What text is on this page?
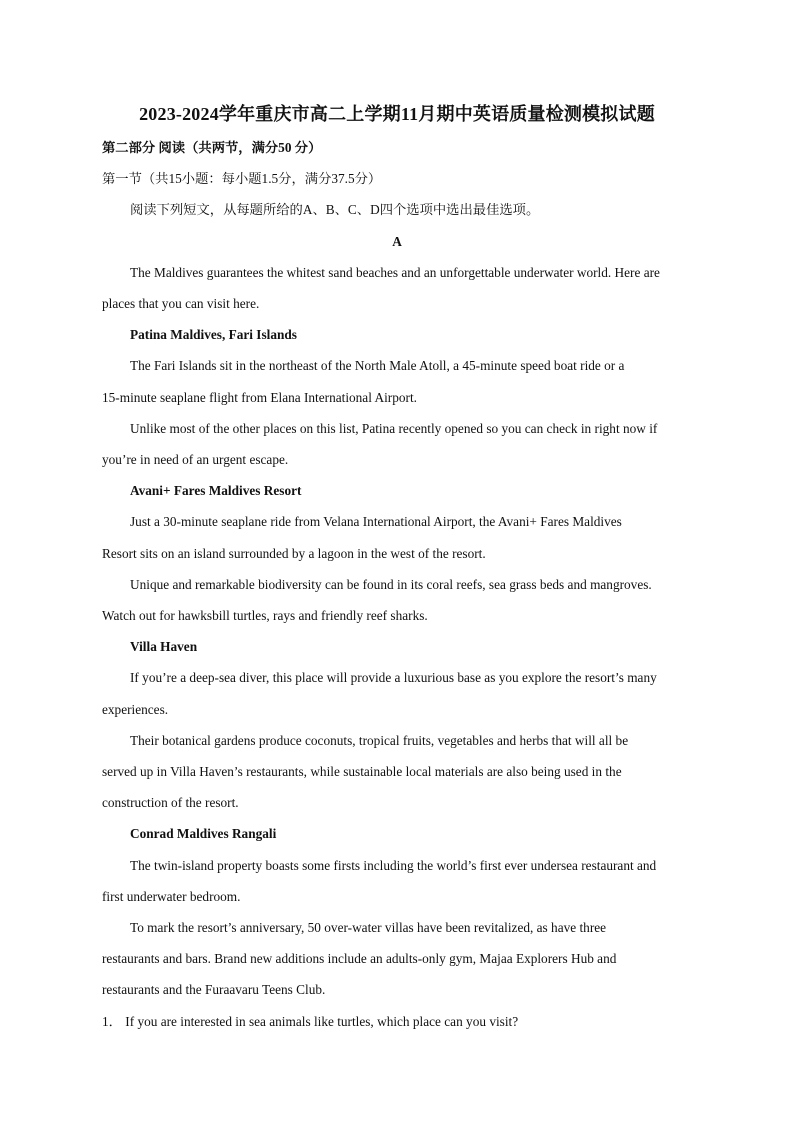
2023-2024学年重庆市高二上学期11月期中英语质量检测模拟试题
第二部分 阅读（共两节，满分50 分）
第一节（共15小题：每小题1.5分，满分37.5分）
阅读下列短文，从每题所给的A、B、C、D四个选项中选出最佳选项。
A
The Maldives guarantees the whitest sand beaches and an unforgettable underwater world. Here are
places that you can visit here.
Patina Maldives, Fari Islands
The Fari Islands sit in the northeast of the North Male Atoll, a 45-minute speed boat ride or a
15-minute seaplane flight from Elana International Airport.
Unlike most of the other places on this list, Patina recently opened so you can check in right now if
you’re in need of an urgent escape.
Avani+ Fares Maldives Resort
Just a 30-minute seaplane ride from Velana International Airport, the Avani+ Fares Maldives
Resort sits on an island surrounded by a lagoon in the west of the resort.
Unique and remarkable biodiversity can be found in its coral reefs, sea grass beds and mangroves.
Watch out for hawksbill turtles, rays and friendly reef sharks.
Villa Haven
If you’re a deep-sea diver, this place will provide a luxurious base as you explore the resort’s many
experiences.
Their botanical gardens produce coconuts, tropical fruits, vegetables and herbs that will all be
served up in Villa Haven’s restaurants, while sustainable local materials are also being used in the
construction of the resort.
Conrad Maldives Rangali
The twin-island property boasts some firsts including the world’s first ever undersea restaurant and
first underwater bedroom.
To mark the resort’s anniversary, 50 over-water villas have been revitalized, as have three
restaurants and bars. Brand new additions include an adults-only gym, Majaa Explorers Hub and
restaurants and the Furaavaru Teens Club.
1． If you are interested in sea animals like turtles, which place can you visit?
